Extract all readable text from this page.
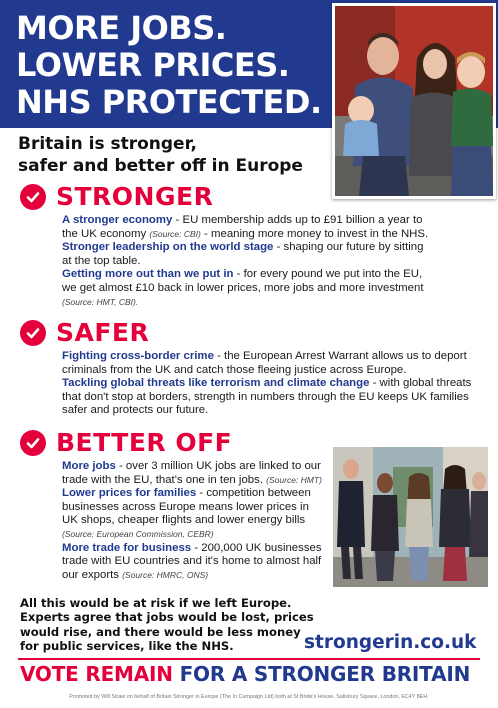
MORE JOBS.
LOWER PRICES.
NHS PROTECTED.
Britain is stronger,
safer and better off in Europe
STRONGER

A stronger economy - EU membership adds up to £91 billion a year to the UK economy (Source: CBI) - meaning more money to invest in the NHS.

Stronger leadership on the world stage - shaping our future by sitting at the top table.

Getting more out than we put in - for every pound we put into the EU, we get almost £10 back in lower prices, more jobs and more investment (Source: HMT, CBI).

SAFER

Fighting cross-border crime - the European Arrest Warrant allows us to deport criminals from the UK and catch those fleeing justice across Europe.

Tackling global threats like terrorism and climate change - with global threats that don't stop at borders, strength in numbers through the EU keeps UK families safer and protects our future.

BETTER OFF

More jobs - over 3 million UK jobs are linked to our trade with the EU, that's one in ten jobs. (Source: HMT)

Lower prices for families - competition between businesses across Europe means lower prices in UK shops, cheaper flights and lower energy bills (Source: European Commission, CEBR)

More trade for business - 200,000 UK businesses trade with EU countries and it's home to almost half our exports (Source: HMRC, ONS)

All this would be at risk if we left Europe.
Experts agree that jobs would be lost, prices
would rise, and there would be less money
for public services, like the NHS.	strongerin.co.uk
VOTE REMAIN FOR A STRONGER BRITAIN
Promoted by Will Straw on behalf of Britain Stronger in Europe (The In Campaign Ltd) both at St Bride's House, Salisbury Square, London, EC4Y 8EH.
